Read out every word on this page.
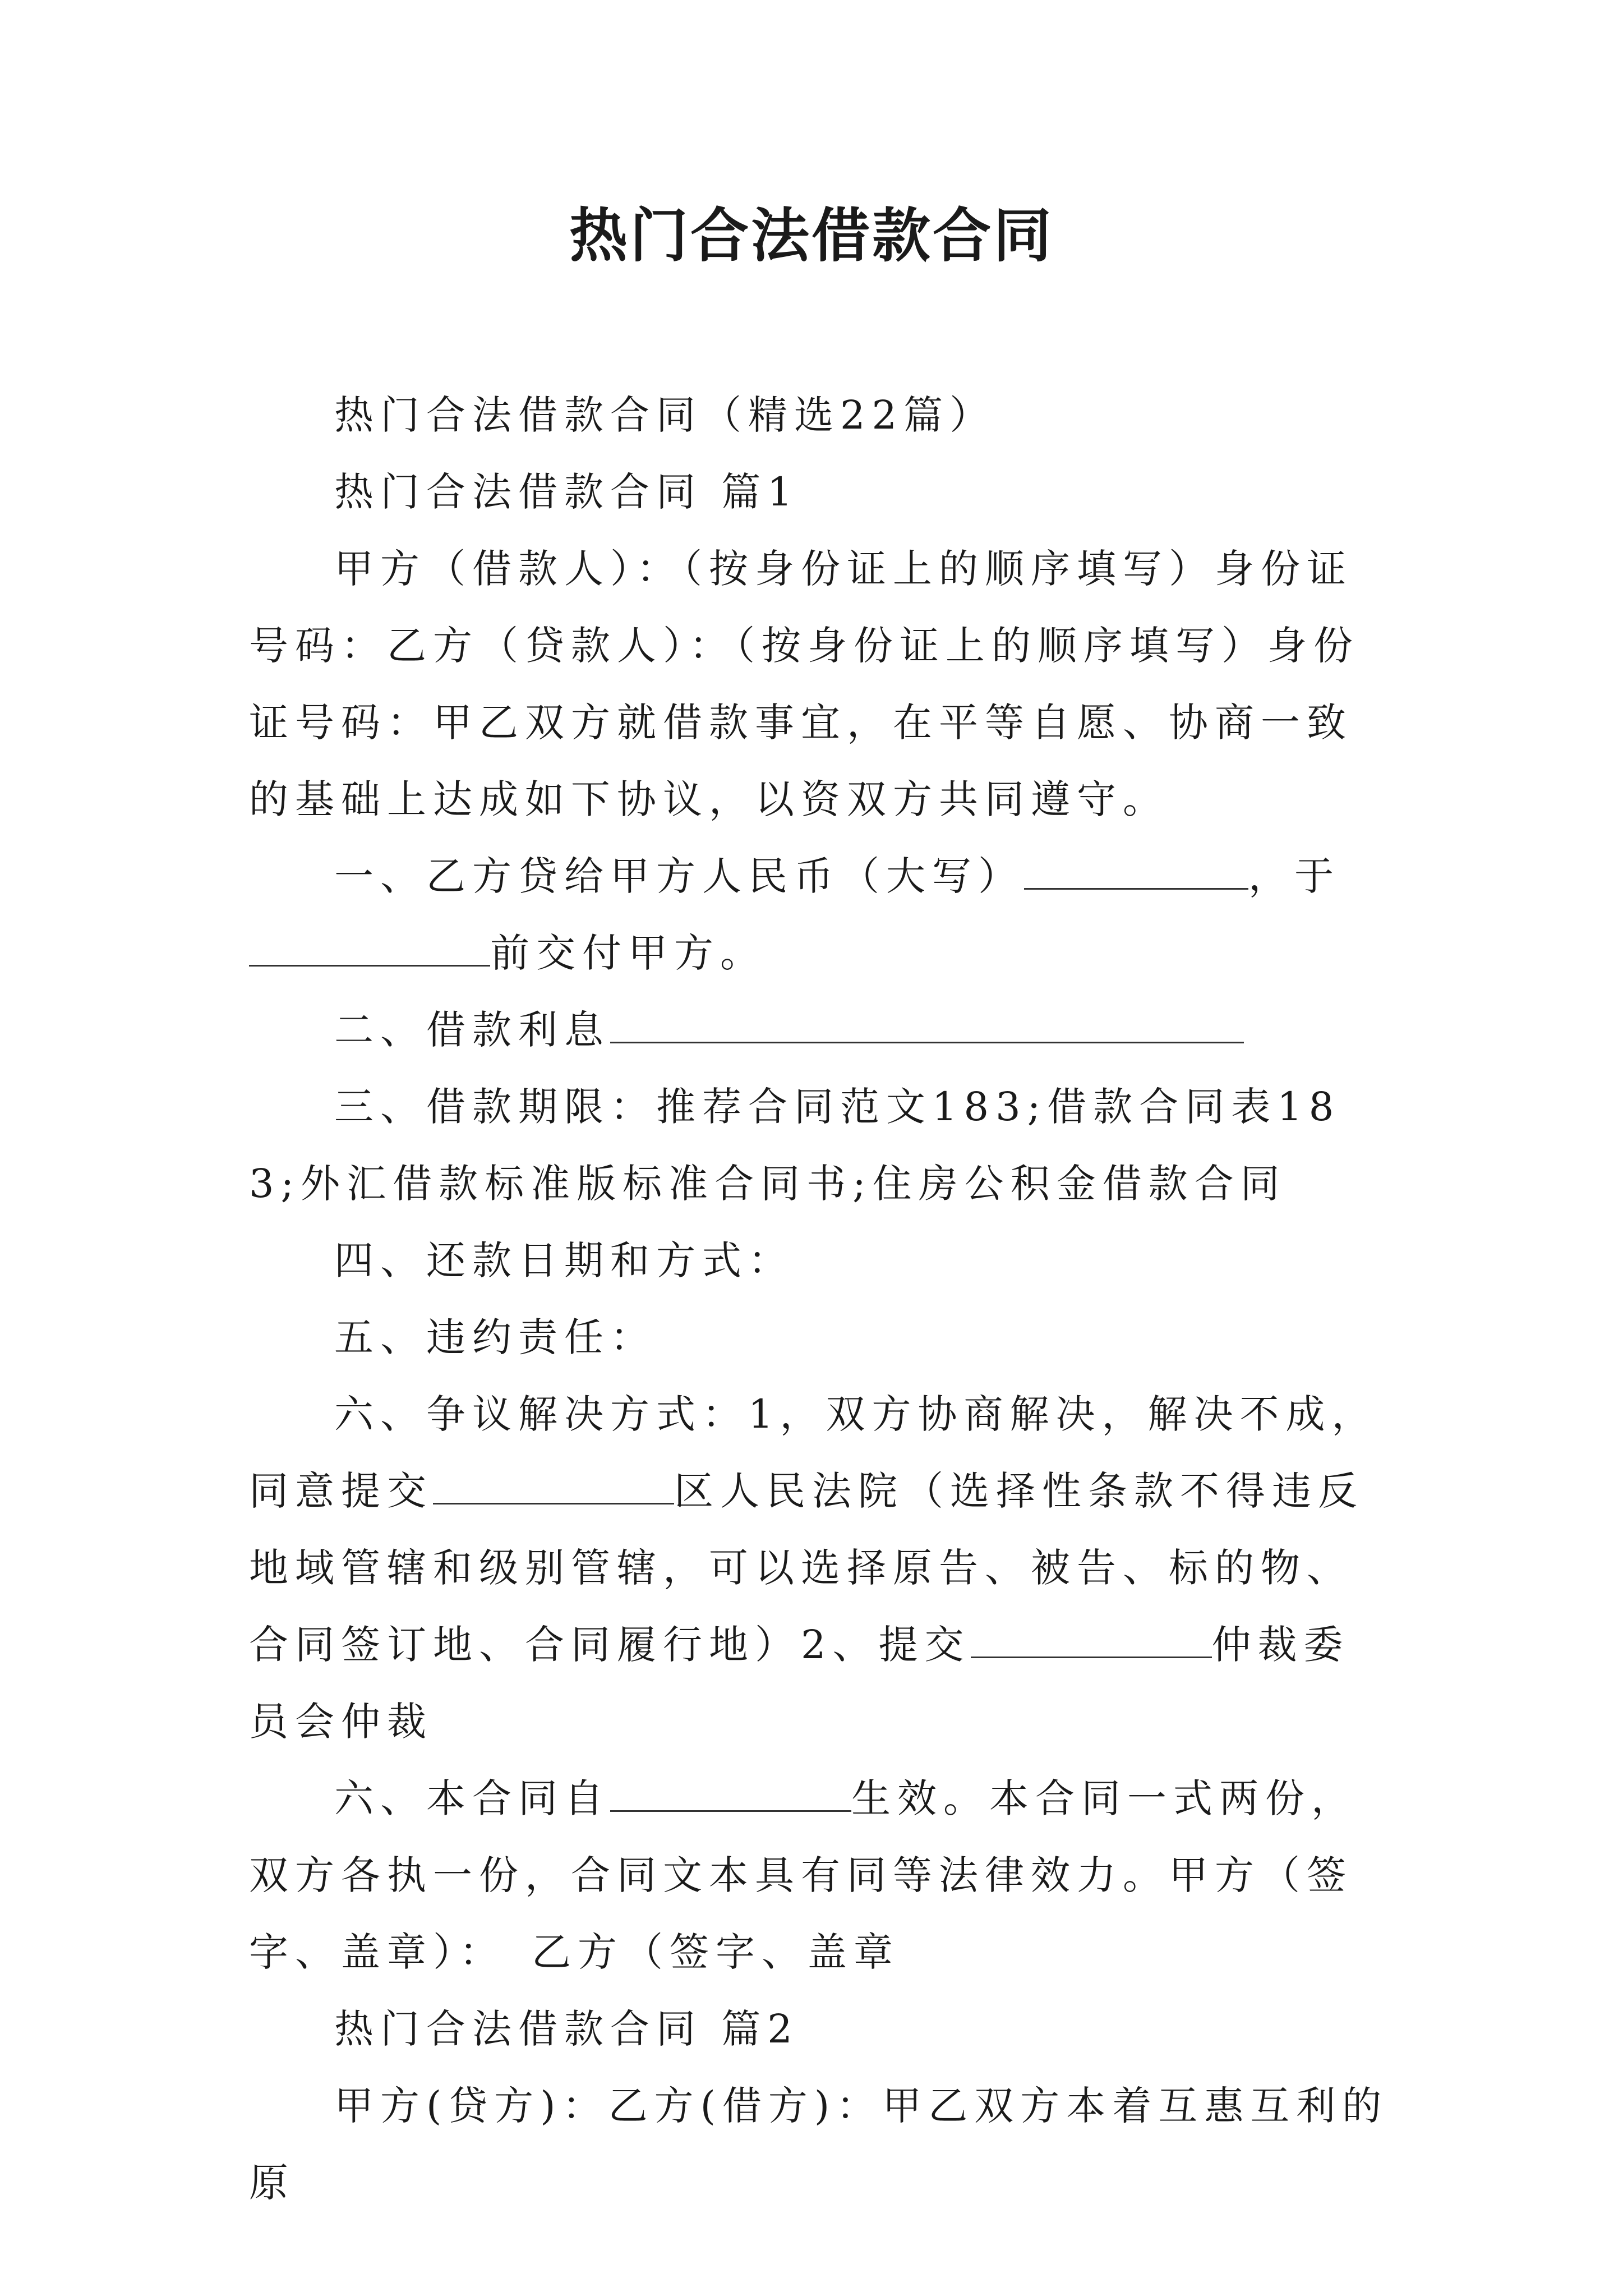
热门合法借款合同

热门合法借款合同（精选22篇）

热门合法借款合同 篇1

甲方（借款人）：（按身份证上的顺序填写）身份证号码：乙方（贷款人）：（按身份证上的顺序填写）身份证号码：甲乙双方就借款事宜，在平等自愿、协商一致的基础上达成如下协议，以资双方共同遵守。

一、乙方贷给甲方人民币（大写）	，于前交付甲方。

二、借款利息

三、借款期限：推荐合同范文183;借款合同表183;外汇借款标准版标准合同书;住房公积金借款合同

四、还款日期和方式：

五、违约责任：

六、争议解决方式：1，双方协商解决，解决不成，同意提交	区人民法院（选择性条款不得违反地域管辖和级别管辖，可以选择原告、被告、标的物、合同签订地、合同履行地）2、提交	仲裁委员会仲裁

六、本合同自	生效。本合同一式两份，双方各执一份，合同文本具有同等法律效力。甲方（签字、盖章）：　乙方（签字、盖章

热门合法借款合同 篇2

甲方(贷方)：乙方(借方)：甲乙双方本着互惠互利的原
